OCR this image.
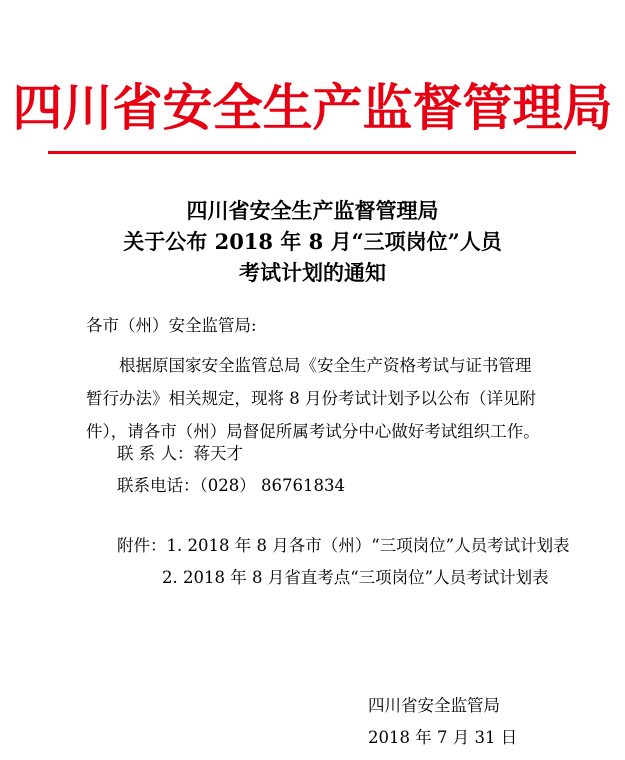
四川省安全生产监督管理局
四川省安全生产监督管理局
关于公布 2018 年 8 月“三项岗位”人员
考试计划的通知
各市（州）安全监管局:
根据原国家安全监管总局《安全生产资格考试与证书管理暂行办法》相关规定，现将 8 月份考试计划予以公布（详见附件），请各市（州）局督促所属考试分中心做好考试组织工作。
联 系 人：蒋天才
联系电话：（028） 86761834
附件：1. 2018 年 8 月各市（州）“三项岗位”人员考试计划表
2. 2018 年 8 月省直考点“三项岗位”人员考试计划表
四川省安全监管局
2018 年 7 月 31 日
